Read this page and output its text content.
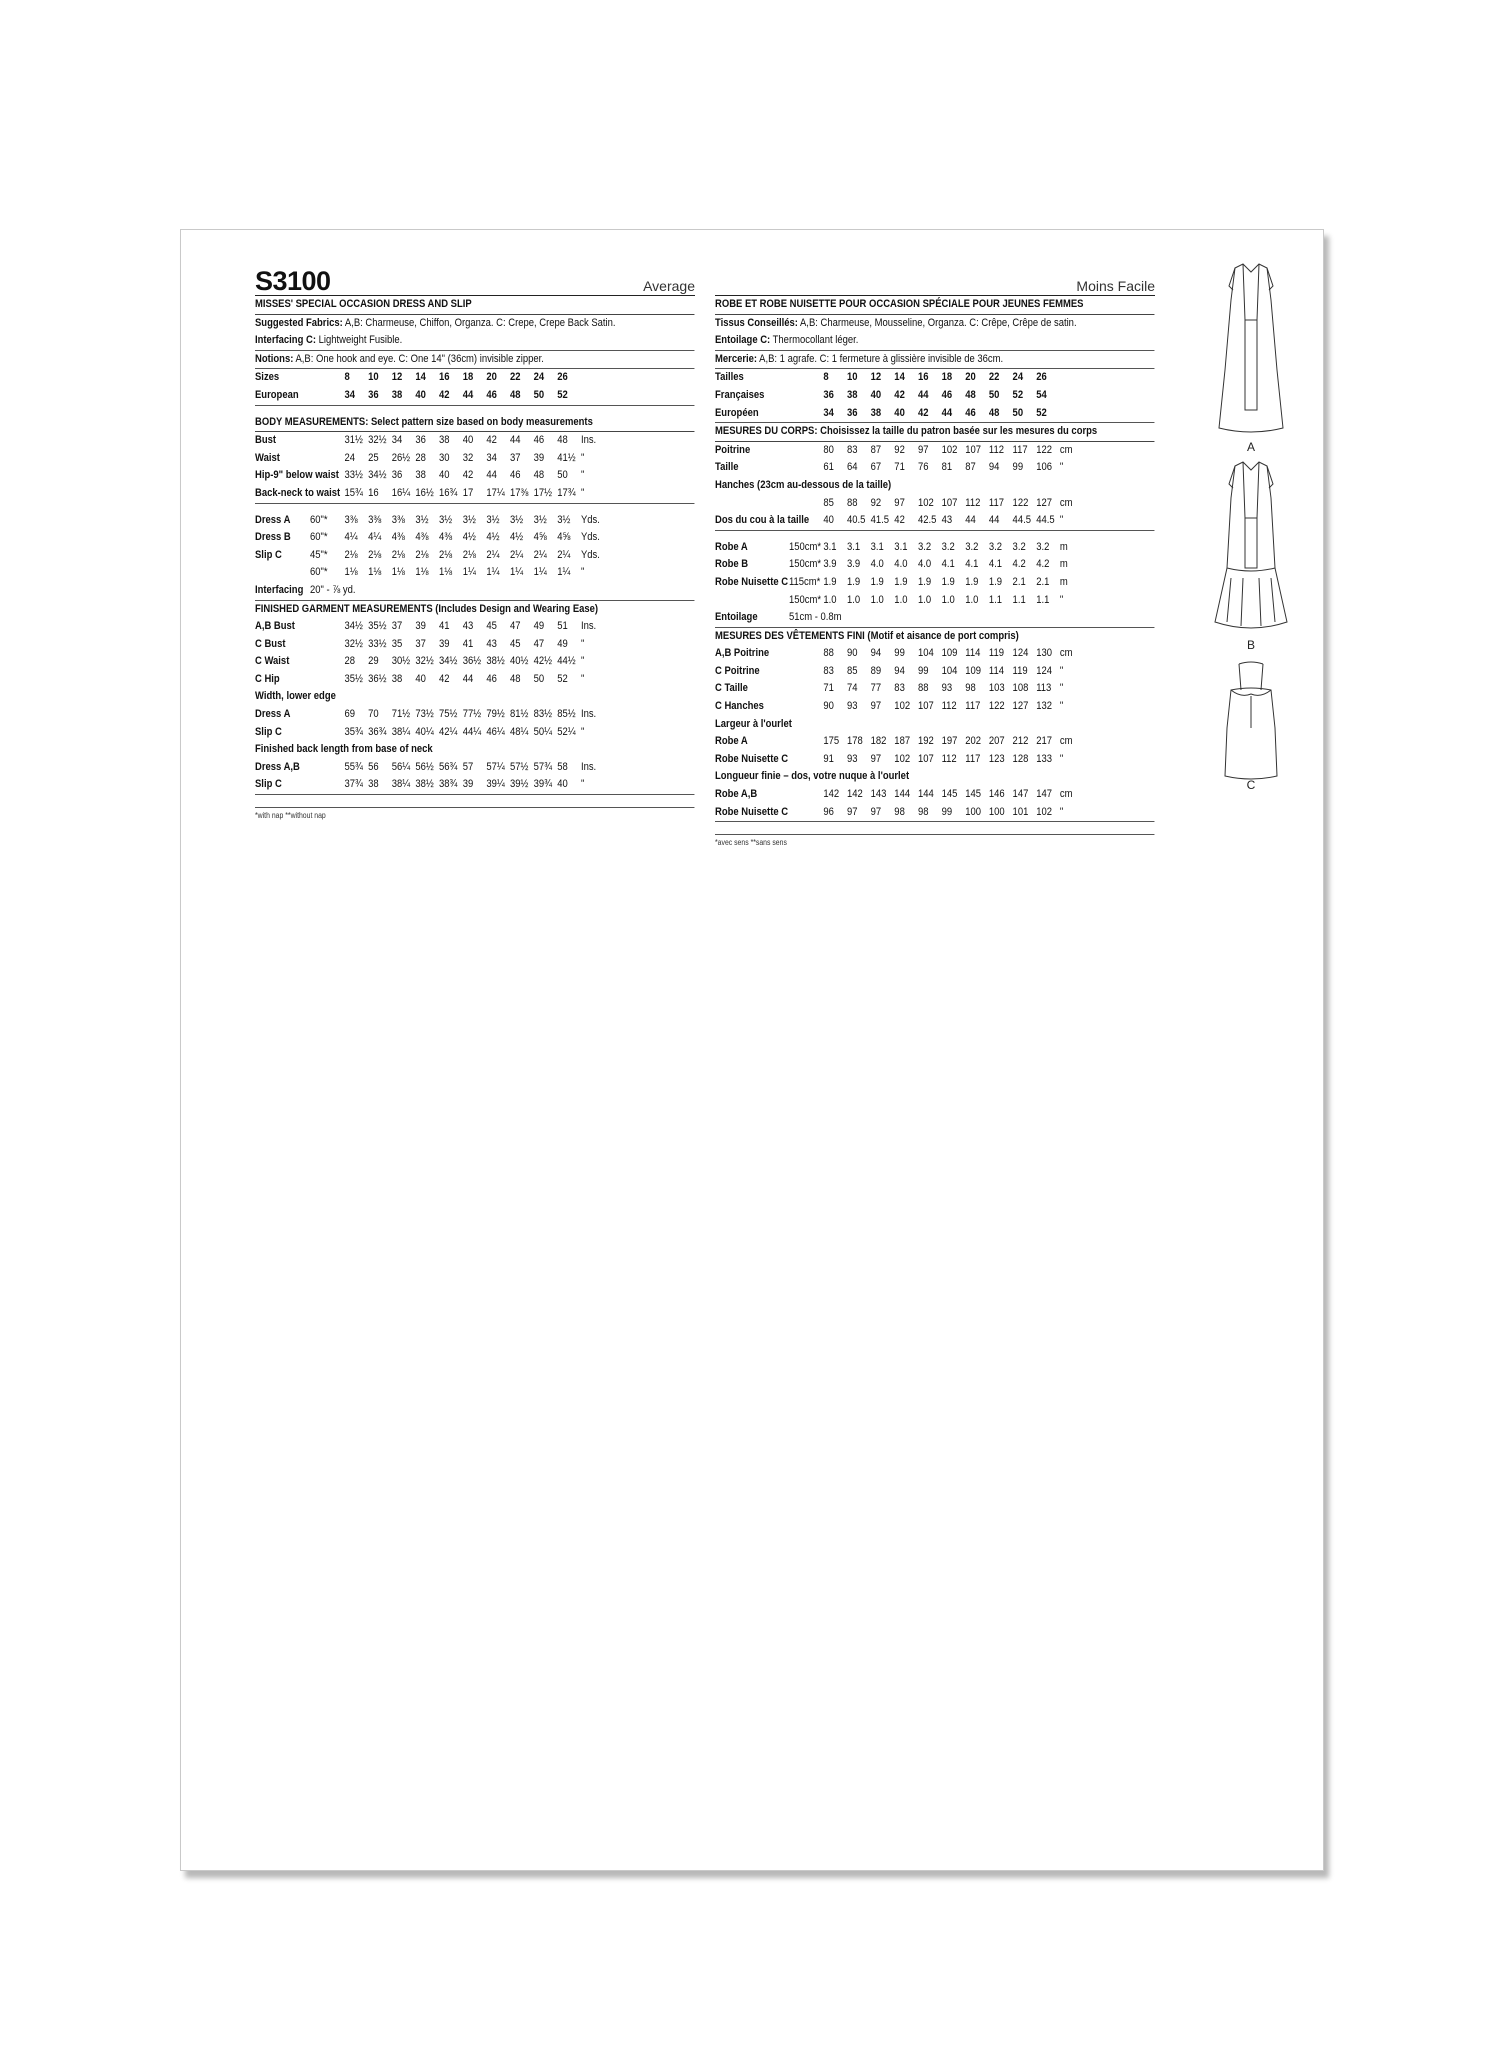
S3100	Average
MISSES' SPECIAL OCCASION DRESS AND SLIP
Suggested Fabrics: A,B: Charmeuse, Chiffon, Organza. C: Crepe, Crepe Back Satin.
Interfacing C: Lightweight Fusible.
Notions: A,B: One hook and eye. C: One 14" (36cm) invisible zipper.
Sizes	8	10	12	14	16	18	20	22	24	26
European	34	36	38	40	42	44	46	48	50	52
BODY MEASUREMENTS: Select pattern size based on body measurements
Bust	31½	32½	34	36	38	40	42	44	46	48	Ins.
Waist	24	25	26½	28	30	32	34	37	39	41½	"
Hip-9" below waist	33½	34½	36	38	40	42	44	46	48	50	"
Back-neck to waist	15¾	16	16¼	16½	16¾	17	17¼	17⅜	17½	17¾	"
Dress A	60"*	3⅜	3⅜	3⅜	3½	3½	3½	3½	3½	3½	3½	Yds.
Dress B	60"*	4¼	4¼	4⅜	4⅜	4⅜	4½	4½	4½	4⅝	4⅝	Yds.
Slip C	45"*	2⅛	2⅛	2⅛	2⅛	2⅛	2⅛	2¼	2¼	2¼	2¼	Yds.
	60"*	1⅛	1⅛	1⅛	1⅛	1⅛	1¼	1¼	1¼	1¼	1¼	"
Interfacing 20" - ⅞ yd.
FINISHED GARMENT MEASUREMENTS (Includes Design and Wearing Ease)
A,B Bust	34½	35½	37	39	41	43	45	47	49	51	Ins.
C Bust	32½	33½	35	37	39	41	43	45	47	49	"
C Waist	28	29	30½	32½	34½	36½	38½	40½	42½	44½	"
C Hip	35½	36½	38	40	42	44	46	48	50	52	"
Width, lower edge
Dress A	69	70	71½	73½	75½	77½	79½	81½	83½	85½	Ins.
Slip C	35¾	36¾	38¼	40¼	42¼	44¼	46¼	48¼	50¼	52¼	"
Finished back length from base of neck
Dress A,B	55¾	56	56¼	56½	56¾	57	57¼	57½	57¾	58	Ins.
Slip C	37¾	38	38¼	38½	38¾	39	39¼	39½	39¾	40	"
*with nap **without nap
Moins Facile
ROBE ET ROBE NUISETTE POUR OCCASION SPÉCIALE POUR JEUNES FEMMES
Tissus Conseillés: A,B: Charmeuse, Mousseline, Organza. C: Crêpe, Crêpe de satin.
Entoilage C: Thermocollant léger.
Mercerie: A,B: 1 agrafe. C: 1 fermeture à glissière invisible de 36cm.
Tailles	8	10	12	14	16	18	20	22	24	26
Françaises	36	38	40	42	44	46	48	50	52	54
Européen	34	36	38	40	42	44	46	48	50	52
MESURES DU CORPS: Choisissez la taille du patron basée sur les mesures du corps
Poitrine	80	83	87	92	97	102	107	112	117	122	cm
Taille	61	64	67	71	76	81	87	94	99	106	"
Hanches (23cm au-dessous de la taille)
	85	88	92	97	102	107	112	117	122	127	cm
Dos du cou à la taille	40	40.5	41.5	42	42.5	43	44	44	44.5	44.5	"
Robe A	150cm*	3.1	3.1	3.1	3.1	3.2	3.2	3.2	3.2	3.2	3.2	m
Robe B	150cm*	3.9	3.9	4.0	4.0	4.0	4.1	4.1	4.1	4.2	4.2	m
Robe Nuisette C	115cm*	1.9	1.9	1.9	1.9	1.9	1.9	1.9	1.9	2.1	2.1	m
	150cm*	1.0	1.0	1.0	1.0	1.0	1.0	1.0	1.1	1.1	1.1	"
Entoilage	51cm - 0.8m
MESURES DES VÊTEMENTS FINI (Motif et aisance de port compris)
A,B Poitrine	88	90	94	99	104	109	114	119	124	130	cm
C Poitrine	83	85	89	94	99	104	109	114	119	124	"
C Taille	71	74	77	83	88	93	98	103	108	113	"
C Hanches	90	93	97	102	107	112	117	122	127	132	"
Largeur à l'ourlet
Robe A	175	178	182	187	192	197	202	207	212	217	cm
Robe Nuisette C	91	93	97	102	107	112	117	123	128	133	"
Longueur finie – dos, votre nuque à l'ourlet
Robe A,B	142	142	143	144	144	145	145	146	147	147	cm
Robe Nuisette C	96	97	97	98	98	99	100	100	101	102	"
*avec sens **sans sens
A
B
C
